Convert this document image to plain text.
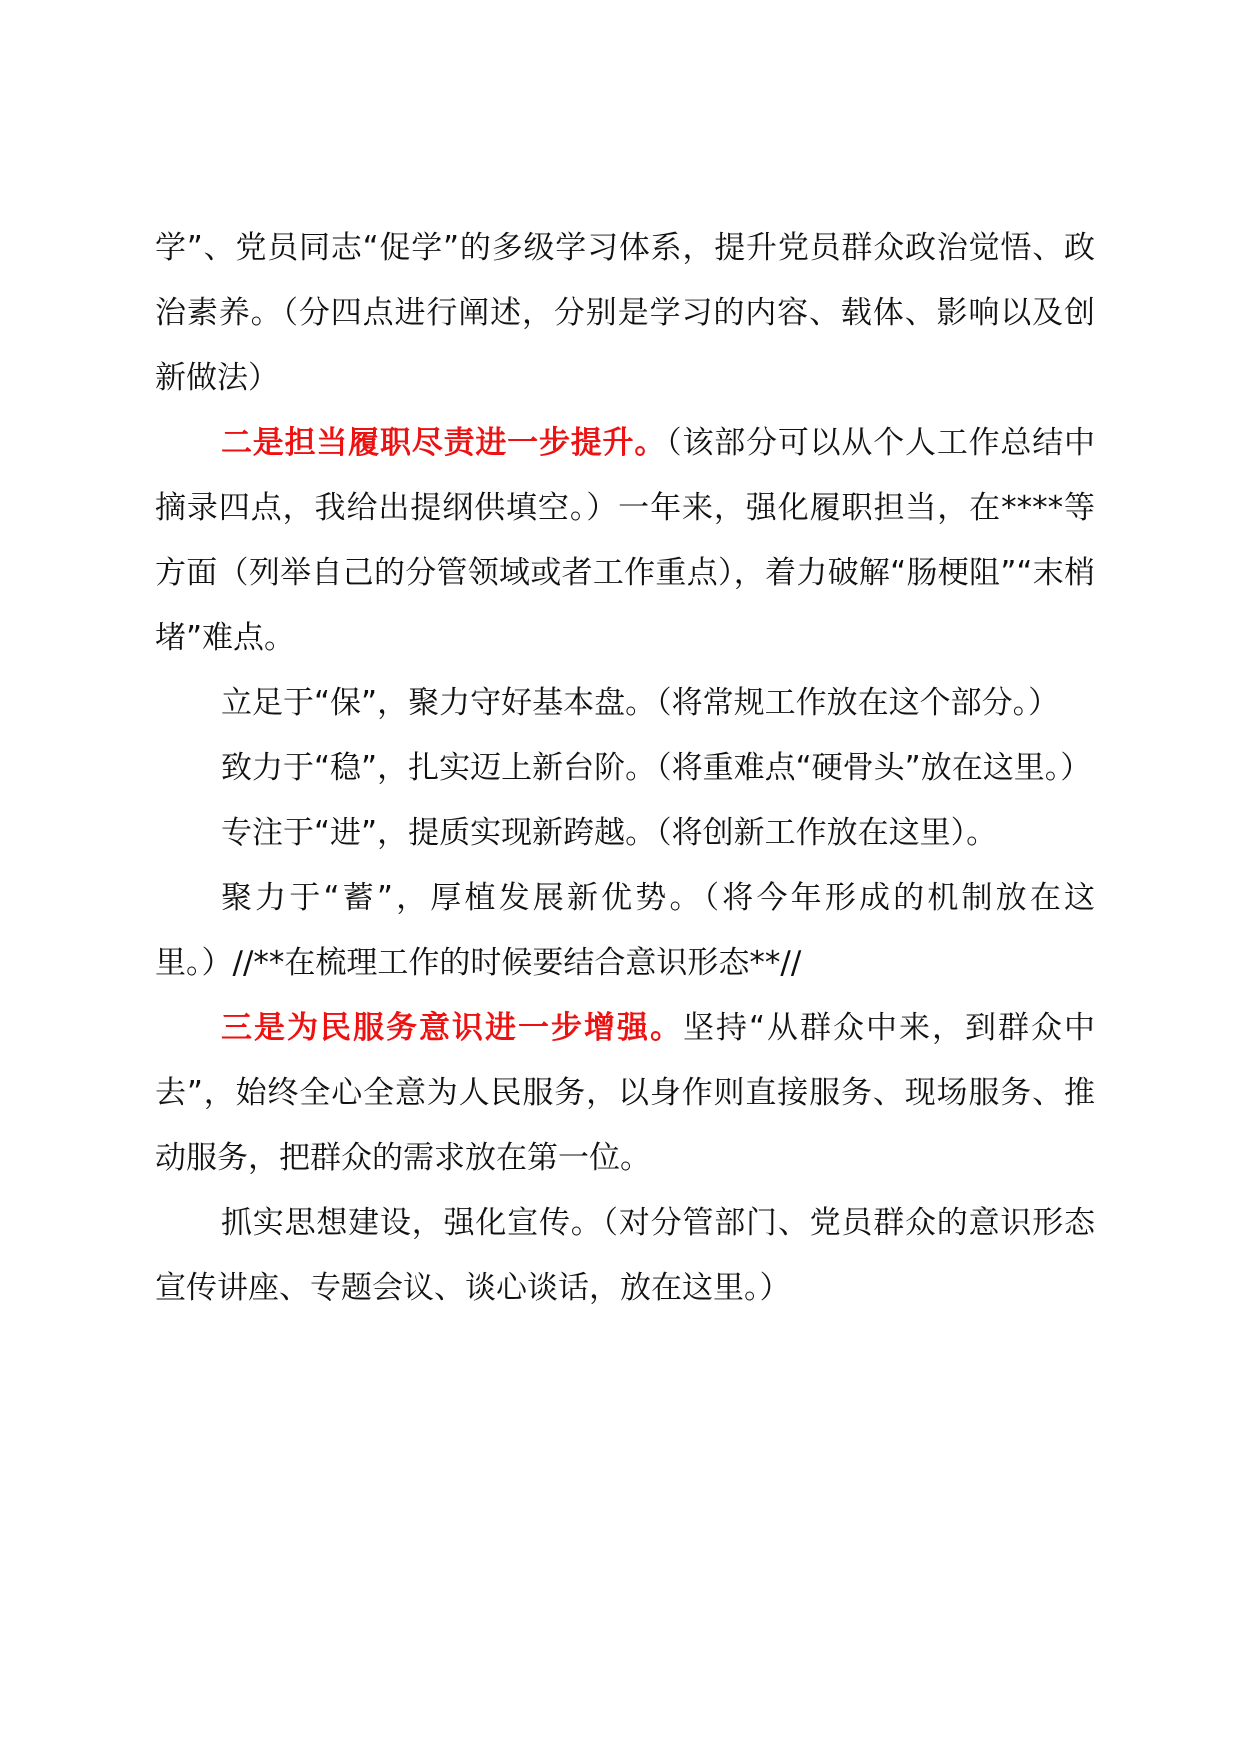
学”、党员同志“促学”的多级学习体系，提升党员群众政治觉悟、政治素养。（分四点进行阐述，分别是学习的内容、载体、影响以及创新做法）

二是担当履职尽责进一步提升。（该部分可以从个人工作总结中摘录四点，我给出提纲供填空。）一年来，强化履职担当，在****等方面（列举自己的分管领域或者工作重点），着力破解“肠梗阻”“末梢堵”难点。

立足于“保”，聚力守好基本盘。（将常规工作放在这个部分。）

致力于“稳”，扎实迈上新台阶。（将重难点“硬骨头”放在这里。）

专注于“进”，提质实现新跨越。（将创新工作放在这里）。

聚力于“蓄”，厚植发展新优势。（将今年形成的机制放在这里。）//**在梳理工作的时候要结合意识形态**//

三是为民服务意识进一步增强。坚持“从群众中来，到群众中去”，始终全心全意为人民服务，以身作则直接服务、现场服务、推动服务，把群众的需求放在第一位。

抓实思想建设，强化宣传。（对分管部门、党员群众的意识形态宣传讲座、专题会议、谈心谈话，放在这里。）
